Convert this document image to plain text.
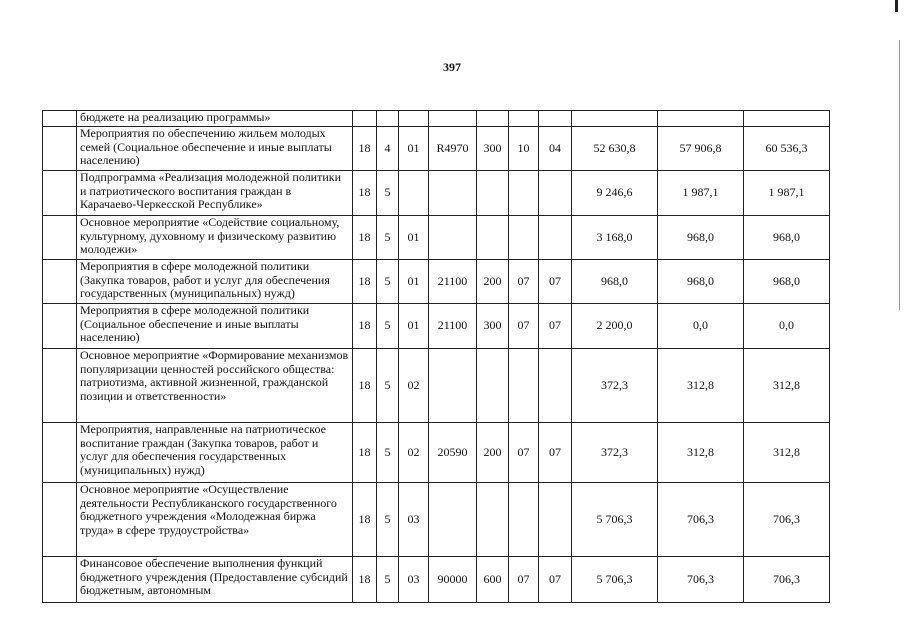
397
	бюджете на реализацию программы»										
	Мероприятия по обеспечению жильем молодых семей (Социальное обеспечение и иные выплаты населению)	18	4	01	R4970	300	10	04	52 630,8	57 906,8	60 536,3
	Подпрограмма «Реализация молодежной политики и патриотического воспитания граждан в Карачаево-Черкесской Республике»	18	5						9 246,6	1 987,1	1 987,1
	Основное мероприятие «Содействие социальному, культурному, духовному и физическому развитию молодежи»	18	5	01					3 168,0	968,0	968,0
	Мероприятия в сфере молодежной политики (Закупка товаров, работ и услуг для обеспечения государственных (муниципальных) нужд)	18	5	01	21100	200	07	07	968,0	968,0	968,0
	Мероприятия в сфере молодежной политики (Социальное обеспечение и иные выплаты населению)	18	5	01	21100	300	07	07	2 200,0	0,0	0,0
	Основное мероприятие «Формирование механизмов популяризации ценностей российского общества: патриотизма, активной жизненной, гражданской позиции и ответственности»	18	5	02					372,3	312,8	312,8
	Мероприятия, направленные на патриотическое воспитание граждан (Закупка товаров, работ и услуг для обеспечения государственных (муниципальных) нужд)	18	5	02	20590	200	07	07	372,3	312,8	312,8
	Основное мероприятие «Осуществление деятельности Республиканского государственного бюджетного учреждения «Молодежная биржа труда» в сфере трудоустройства»	18	5	03					5 706,3	706,3	706,3
	Финансовое обеспечение выполнения функций бюджетного учреждения (Предоставление субсидий бюджетным, автономным	18	5	03	90000	600	07	07	5 706,3	706,3	706,3
